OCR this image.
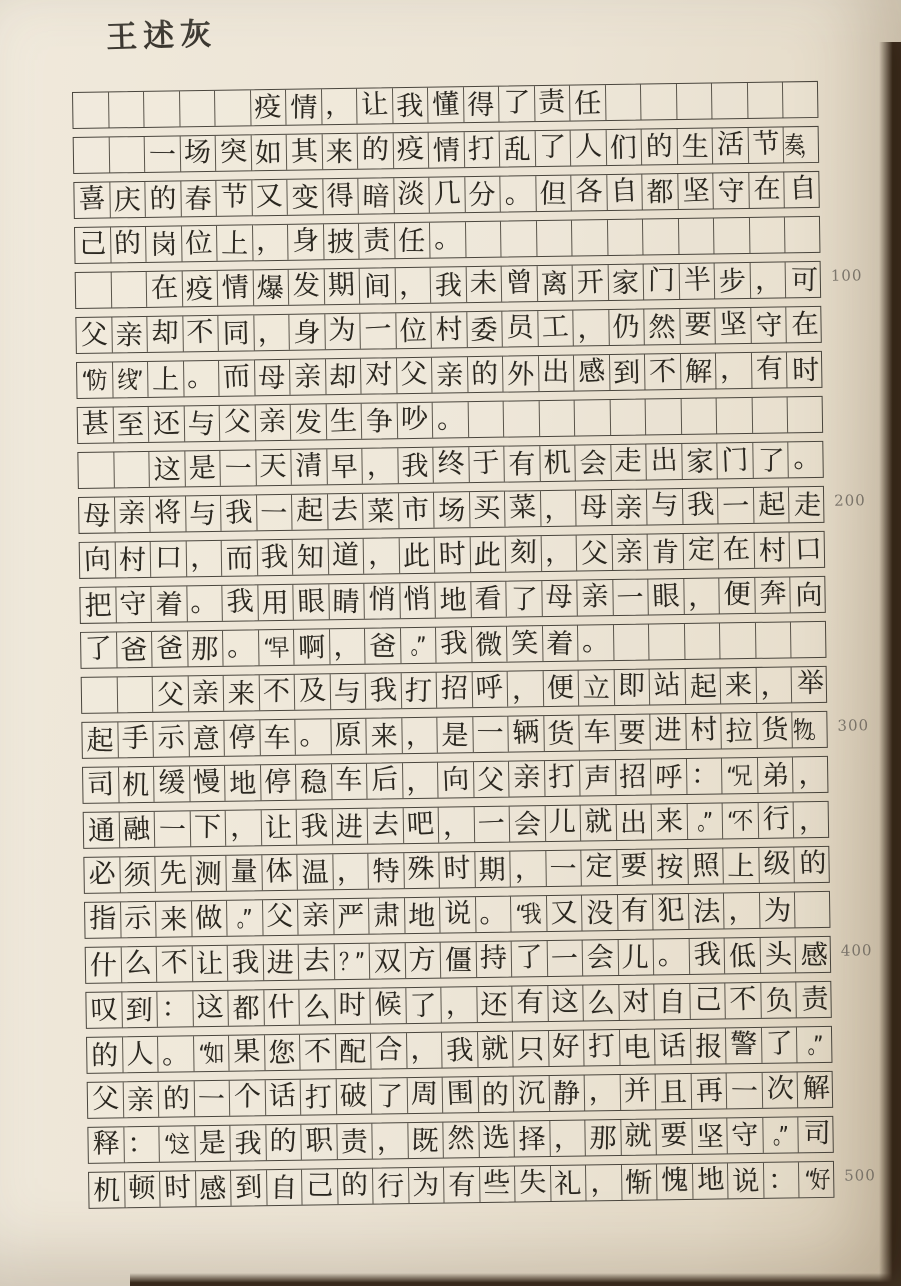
王述灰
100
200
300
400
500
疫 情 ， 让 我 懂 得 了 责 任
一 场 突 如 其 来 的 疫 情 打 乱 了 人 们 的 生 活 节 奏，
喜 庆 的 春 节 又 变 得 暗 淡 几 分 。 但 各 自 都 坚 守 在 自
己 的 岗 位 上 ， 身 披 责 任 。
在 疫 情 爆 发 期 间 ， 我 未 曾 离 开 家 门 半 步 ， 可
父 亲 却 不 同 ， 身 为 一 位 村 委 员 工 ， 仍 然 要 坚 守 在
“防 线” 上 。 而 母 亲 却 对 父 亲 的 外 出 感 到 不 解 ， 有 时
甚 至 还 与 父 亲 发 生 争 吵 。
这 是 一 天 清 早 ， 我 终 于 有 机 会 走 出 家 门 了 。
母 亲 将 与 我 一 起 去 菜 市 场 买 菜 ， 母 亲 与 我 一 起 走
向 村 口 ， 而 我 知 道 ， 此 时 此 刻 ， 父 亲 肯 定 在 村 口
把 守 着 。 我 用 眼 睛 悄 悄 地 看 了 母 亲 一 眼 ， 便 奔 向
了 爸 爸 那 。 “早 啊 ， 爸 。” 我 微 笑 着 。
父 亲 来 不 及 与 我 打 招 呼 ， 便 立 即 站 起 来 ， 举
起 手 示 意 停 车 。 原 来 ， 是 一 辆 货 车 要 进 村 拉 货 物。
司 机 缓 慢 地 停 稳 车 后 ， 向 父 亲 打 声 招 呼 ： “兄 弟 ，
通 融 一 下 ， 让 我 进 去 吧 ， 一 会 儿 就 出 来 。” “不 行 ，
必 须 先 测 量 体 温 ， 特 殊 时 期 ， 一 定 要 按 照 上 级 的
指 示 来 做 。” 父 亲 严 肃 地 说 。 “我 又 没 有 犯 法 ， 为
什 么 不 让 我 进 去 ？” 双 方 僵 持 了 一 会 儿 。 我 低 头 感
叹 到 ： 这 都 什 么 时 候 了 ， 还 有 这 么 对 自 己 不 负 责
的 人 。 “如 果 您 不 配 合 ， 我 就 只 好 打 电 话 报 警 了 。”
父 亲 的 一 个 话 打 破 了 周 围 的 沉 静 ， 并 且 再 一 次 解
释 ： “这 是 我 的 职 责 ， 既 然 选 择 ， 那 就 要 坚 守 。” 司
机 顿 时 感 到 自 己 的 行 为 有 些 失 礼 ， 惭 愧 地 说 ： “好
